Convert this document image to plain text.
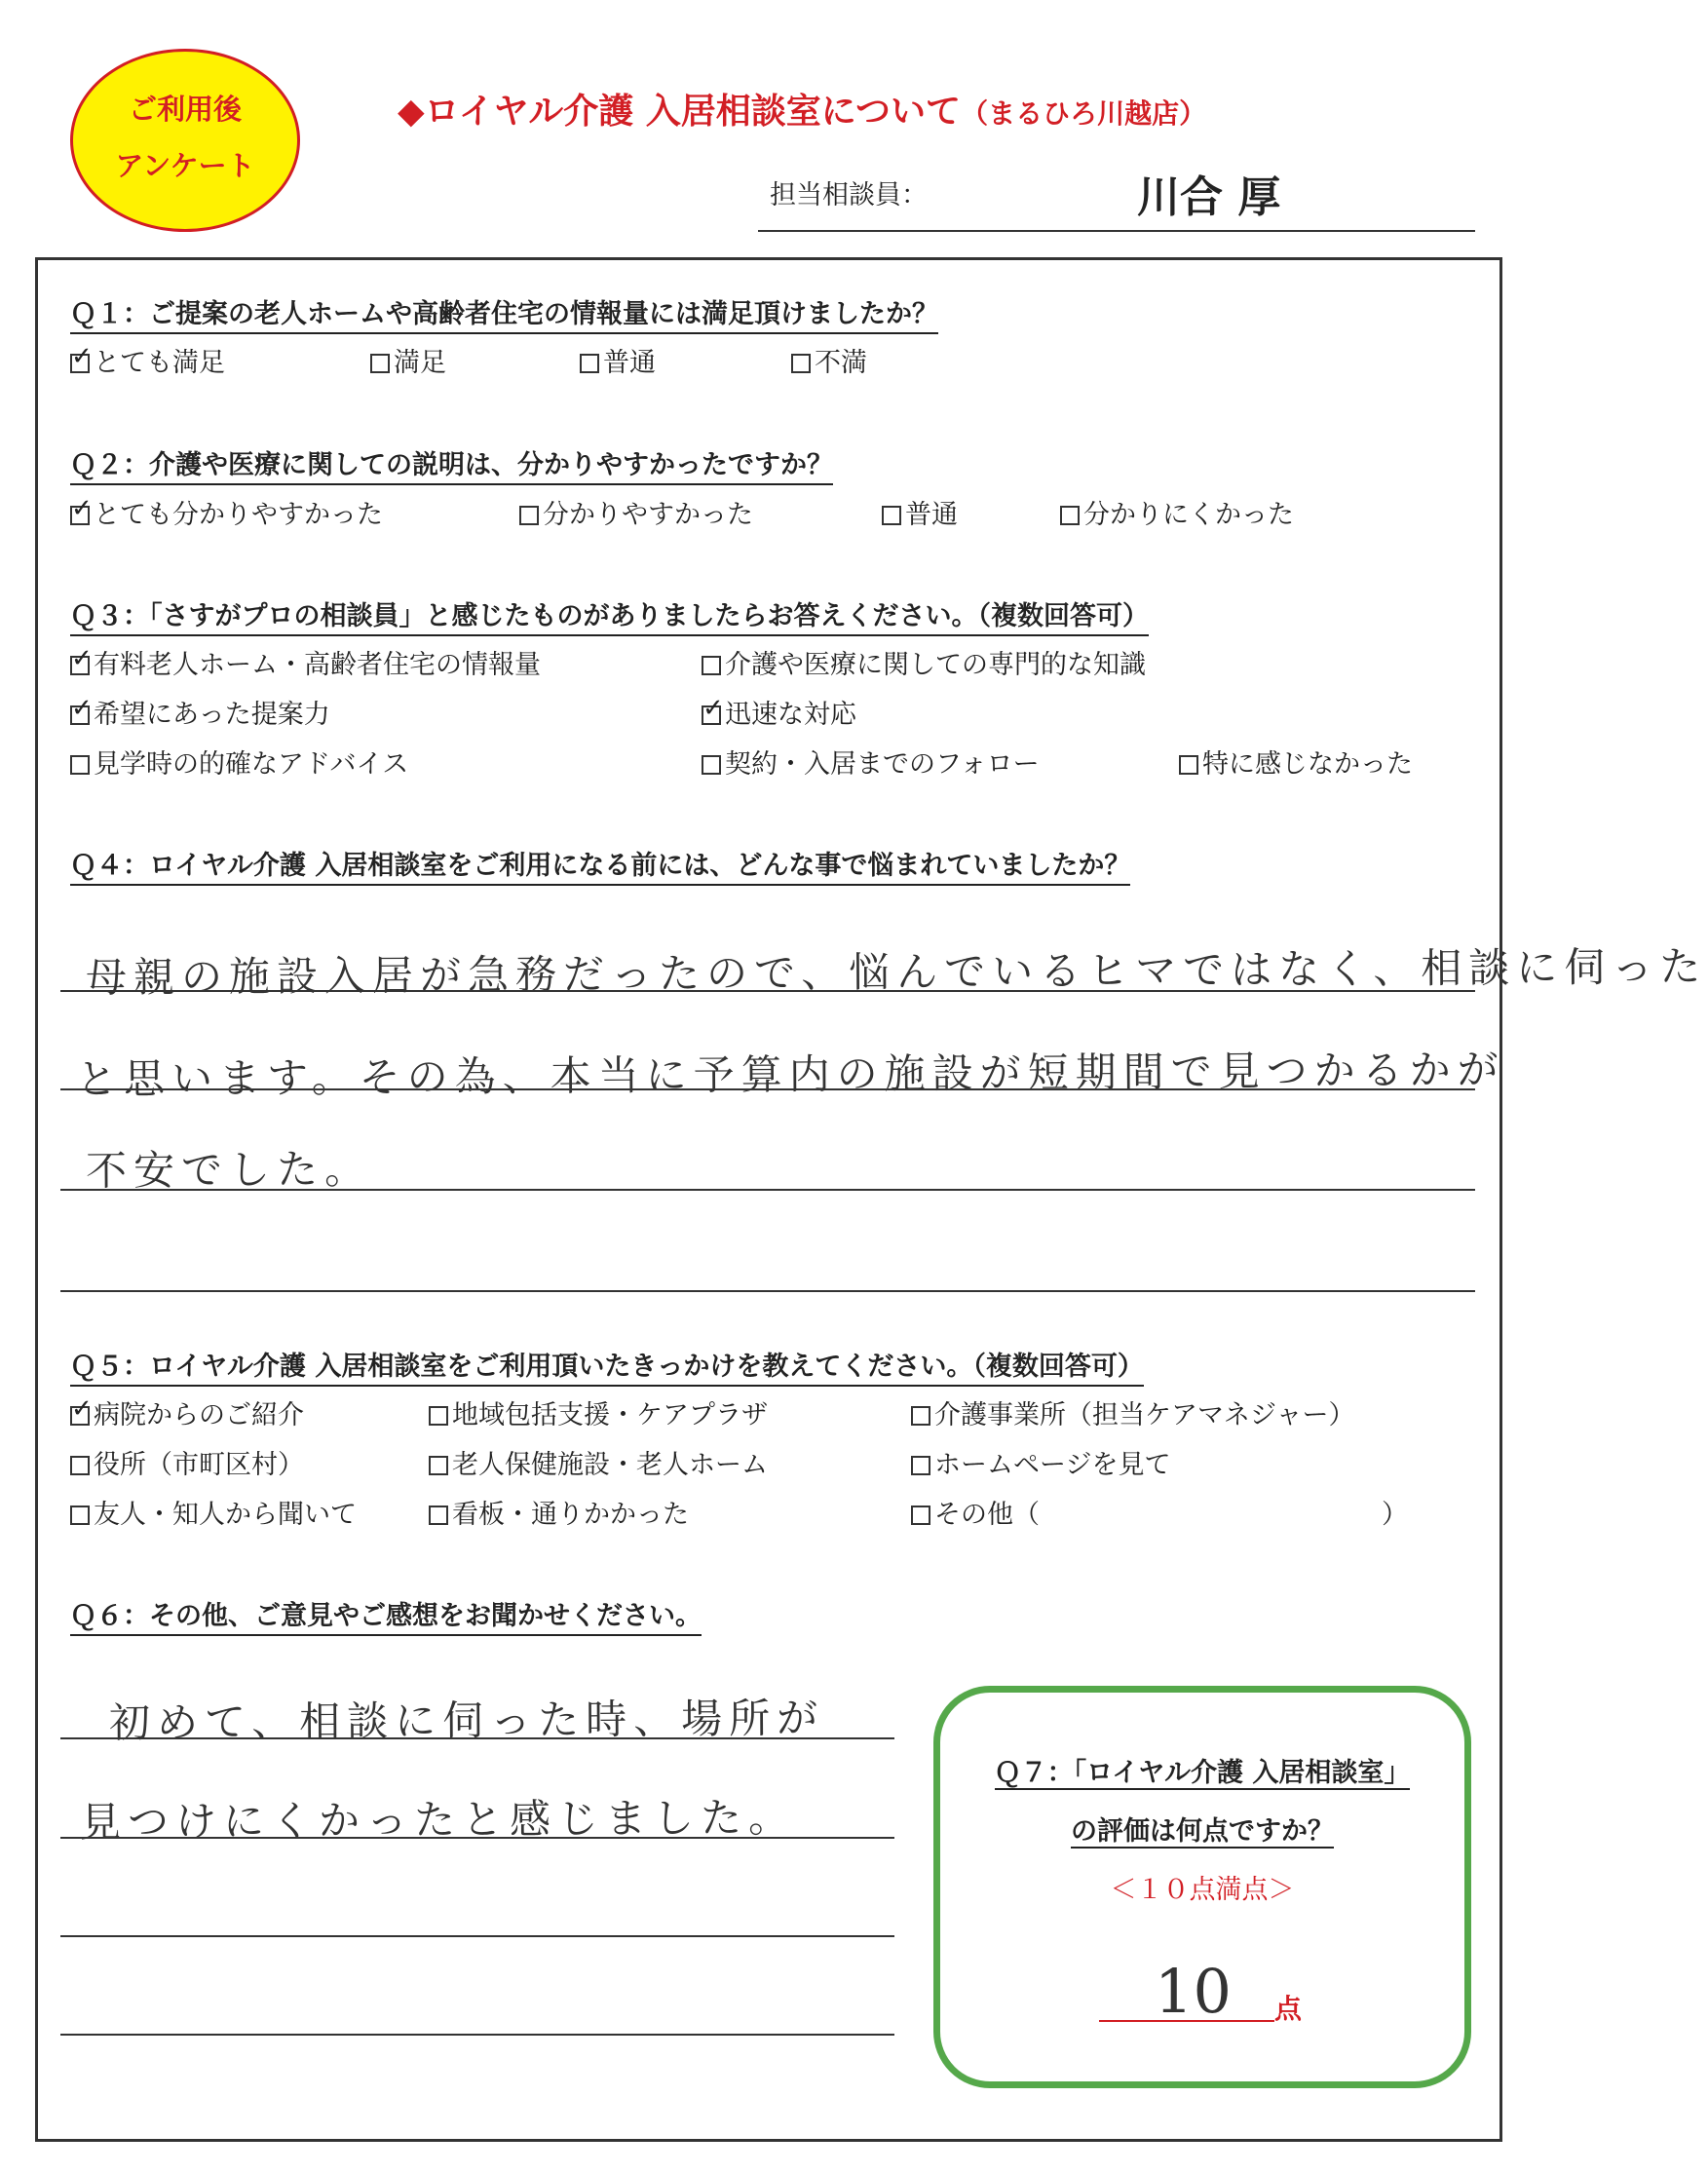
ご利用後
アンケート
◆ロイヤル介護 入居相談室について（まるひろ川越店）
担当相談員：	川合 厚
Ｑ１：ご提案の老人ホームや高齢者住宅の情報量には満足頂けましたか？
✓とても満足	満足	普通	不満
Ｑ２：介護や医療に関しての説明は、分かりやすかったですか？
✓とても分かりやすかった	分かりやすかった	普通	分かりにくかった
Ｑ３：「さすがプロの相談員」と感じたものがありましたらお答えください。（複数回答可）
✓有料老人ホーム・高齢者住宅の情報量	介護や医療に関しての専門的な知識
✓希望にあった提案力
✓	迅速な対応
見学時の的確なアドバイス	契約・入居までのフォロー	特に感じなかった
Ｑ４：ロイヤル介護 入居相談室をご利用になる前には、どんな事で悩まれていましたか？
母親の施設入居が急務だったので、悩んでいるヒマではなく、相談に伺った
と思います。その為、本当に予算内の施設が短期間で見つかるかが
不安でした。
Ｑ５：ロイヤル介護 入居相談室をご利用頂いたきっかけを教えてください。（複数回答可）
✓病院からのご紹介	地域包括支援・ケアプラザ	介護事業所（担当ケアマネジャー）
役所（市町区村）	老人保健施設・老人ホーム	ホームページを見て
友人・知人から聞いて	看板・通りかかった	その他（	）
Ｑ６：その他、ご意見やご感想をお聞かせください。
初めて、相談に伺った時、場所が
見つけにくかったと感じました。
Ｑ７：「ロイヤル介護 入居相談室」
の評価は何点ですか？
＜１０点満点＞
10 点
